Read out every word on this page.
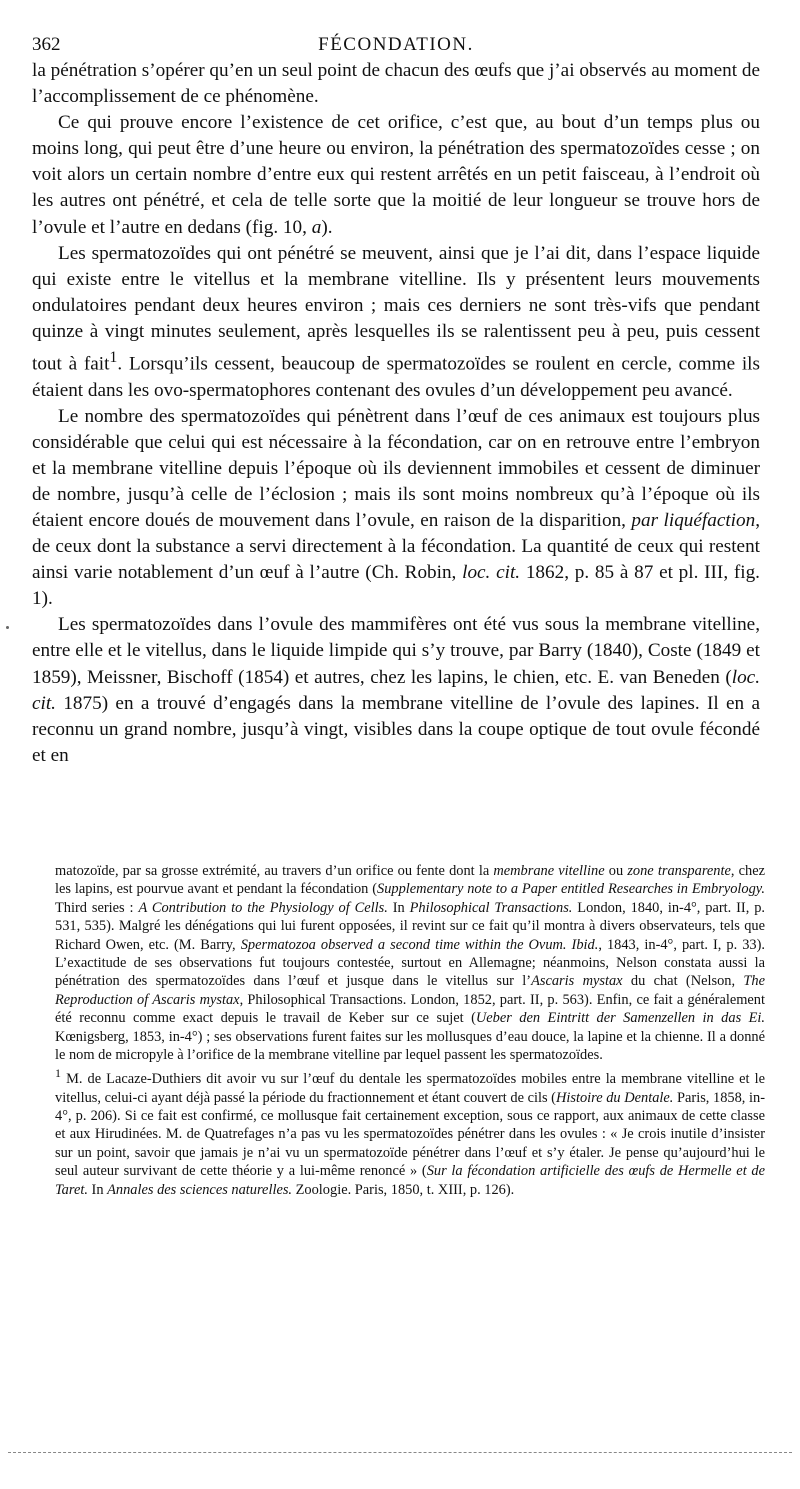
362	FÉCONDATION.

la pénétration s’opérer qu’en un seul point de chacun des œufs que j’ai observés au moment de l’accomplissement de ce phénomène.

Ce qui prouve encore l’existence de cet orifice, c’est que, au bout d’un temps plus ou moins long, qui peut être d’une heure ou environ, la pénétration des spermatozoïdes cesse ; on voit alors un certain nombre d’entre eux qui restent arrêtés en un petit faisceau, à l’endroit où les autres ont pénétré, et cela de telle sorte que la moitié de leur longueur se trouve hors de l’ovule et l’autre en dedans (fig. 10, a).

Les spermatozoïdes qui ont pénétré se meuvent, ainsi que je l’ai dit, dans l’espace liquide qui existe entre le vitellus et la membrane vitelline. Ils y présentent leurs mouvements ondulatoires pendant deux heures environ ; mais ces derniers ne sont très-vifs que pendant quinze à vingt minutes seulement, après lesquelles ils se ralentissent peu à peu, puis cessent tout à fait$^1$. Lorsqu’ils cessent, beaucoup de spermatozoïdes se roulent en cercle, comme ils étaient dans les ovo-spermatophores contenant des ovules d’un développement peu avancé.

Le nombre des spermatozoïdes qui pénètrent dans l’œuf de ces animaux est toujours plus considérable que celui qui est nécessaire à la fécondation, car on en retrouve entre l’embryon et la membrane vitelline depuis l’époque où ils deviennent immobiles et cessent de diminuer de nombre, jusqu’à celle de l’éclosion ; mais ils sont moins nombreux qu’à l’époque où ils étaient encore doués de mouvement dans l’ovule, en raison de la disparition, par liquéfaction, de ceux dont la substance a servi directement à la fécondation. La quantité de ceux qui restent ainsi varie notablement d’un œuf à l’autre (Ch. Robin, loc. cit. 1862, p. 85 à 87 et pl. III, fig. 1).

Les spermatozoïdes dans l’ovule des mammifères ont été vus sous la membrane vitelline, entre elle et le vitellus, dans le liquide limpide qui s’y trouve, par Barry (1840), Coste (1849 et 1859), Meissner, Bischoff (1854) et autres, chez les lapins, le chien, etc. E. van Beneden (loc. cit. 1875) en a trouvé d’engagés dans la membrane vitelline de l’ovule des lapines. Il en a reconnu un grand nombre, jusqu’à vingt, visibles dans la coupe optique de tout ovule fécondé et en

matozoïde, par sa grosse extrémité, au travers d’un orifice ou fente dont la membrane vitelline ou zone transparente, chez les lapins, est pourvue avant et pendant la fécondation (Supplementary note to a Paper entitled Researches in Embryology. Third series : A Contribution to the Physiology of Cells. In Philosophical Transactions. London, 1840, in-4°, part. II, p. 531, 535). Malgré les dénégations qui lui furent opposées, il revint sur ce fait qu’il montra à divers observateurs, tels que Richard Owen, etc. (M. Barry, Spermatozoa observed a second time within the Ovum. Ibid., 1843, in-4°, part. I, p. 33). L’exactitude de ses observations fut toujours contestée, surtout en Allemagne; néanmoins, Nelson constata aussi la pénétration des spermatozoïdes dans l’œuf et jusque dans le vitellus sur l’Ascaris mystax du chat (Nelson, The Reproduction of Ascaris mystax, Philosophical Transactions. London, 1852, part. II, p. 563). Enfin, ce fait a généralement été reconnu comme exact depuis le travail de Keber sur ce sujet (Ueber den Eintritt der Samenzellen in das Ei. Kœnigsberg, 1853, in-4°) ; ses observations furent faites sur les mollusques d’eau douce, la lapine et la chienne. Il a donné le nom de micropyle à l’orifice de la membrane vitelline par lequel passent les spermatozoïdes.

$^1$ M. de Lacaze-Duthiers dit avoir vu sur l’œuf du dentale les spermatozoïdes mobiles entre la membrane vitelline et le vitellus, celui-ci ayant déjà passé la période du fractionnement et étant couvert de cils (Histoire du Dentale. Paris, 1858, in-4°, p. 206). Si ce fait est confirmé, ce mollusque fait certainement exception, sous ce rapport, aux animaux de cette classe et aux Hirudinées. M. de Quatrefages n’a pas vu les spermatozoïdes pénétrer dans les ovules : « Je crois inutile d’insister sur un point, savoir que jamais je n’ai vu un spermatozoïde pénétrer dans l’œuf et s’y étaler. Je pense qu’aujourd’hui le seul auteur survivant de cette théorie y a lui-même renoncé » (Sur la fécondation artificielle des œufs de Hermelle et de Taret. In Annales des sciences naturelles. Zoologie. Paris, 1850, t. XIII, p. 126).
